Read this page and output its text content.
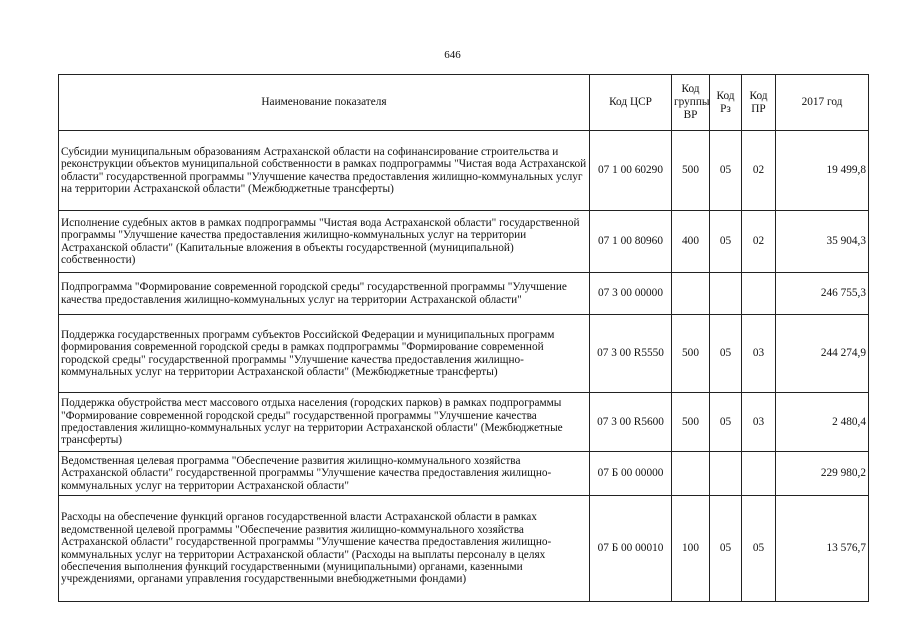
646
Наименование показателя	Код ЦСР	Код группы ВР	Код Рз	Код ПР	2017 год
Субсидии муниципальным образованиям Астраханской области на софинансирование строительства и реконструкции объектов муниципальной собственности в рамках подпрограммы "Чистая вода Астраханской области" государственной программы "Улучшение качества предоставления жилищно-коммунальных услуг на территории Астраханской области" (Межбюджетные трансферты)	07 1 00 60290	500	05	02	19 499,8
Исполнение судебных актов в рамках подпрограммы "Чистая вода Астраханской области" государственной программы "Улучшение качества предоставления жилищно-коммунальных услуг на территории Астраханской области" (Капитальные вложения в объекты государственной (муниципальной) собственности)	07 1 00 80960	400	05	02	35 904,3
Подпрограмма "Формирование современной городской среды" государственной программы "Улучшение качества предоставления жилищно-коммунальных услуг на территории Астраханской области"	07 3 00 00000				246 755,3
Поддержка государственных программ субъектов Российской Федерации и муниципальных программ формирования современной городской среды в рамках подпрограммы "Формирование современной городской среды" государственной программы "Улучшение качества предоставления жилищно-коммунальных услуг на территории Астраханской области" (Межбюджетные трансферты)	07 3 00 R5550	500	05	03	244 274,9
Поддержка обустройства мест массового отдыха населения (городских парков) в рамках подпрограммы "Формирование современной городской среды" государственной программы "Улучшение качества предоставления жилищно-коммунальных услуг на территории Астраханской области" (Межбюджетные трансферты)	07 3 00 R5600	500	05	03	2 480,4
Ведомственная целевая программа "Обеспечение развития жилищно-коммунального хозяйства Астраханской области" государственной программы "Улучшение качества предоставления жилищно-коммунальных услуг на территории Астраханской области"	07 Б 00 00000				229 980,2
Расходы на обеспечение функций органов государственной власти Астраханской области в рамках ведомственной целевой программы "Обеспечение развития жилищно-коммунального хозяйства Астраханской области" государственной программы "Улучшение качества предоставления жилищно-коммунальных услуг на территории Астраханской области" (Расходы на выплаты персоналу в целях обеспечения выполнения функций государственными (муниципальными) органами, казенными учреждениями, органами управления государственными внебюджетными фондами)	07 Б 00 00010	100	05	05	13 576,7
